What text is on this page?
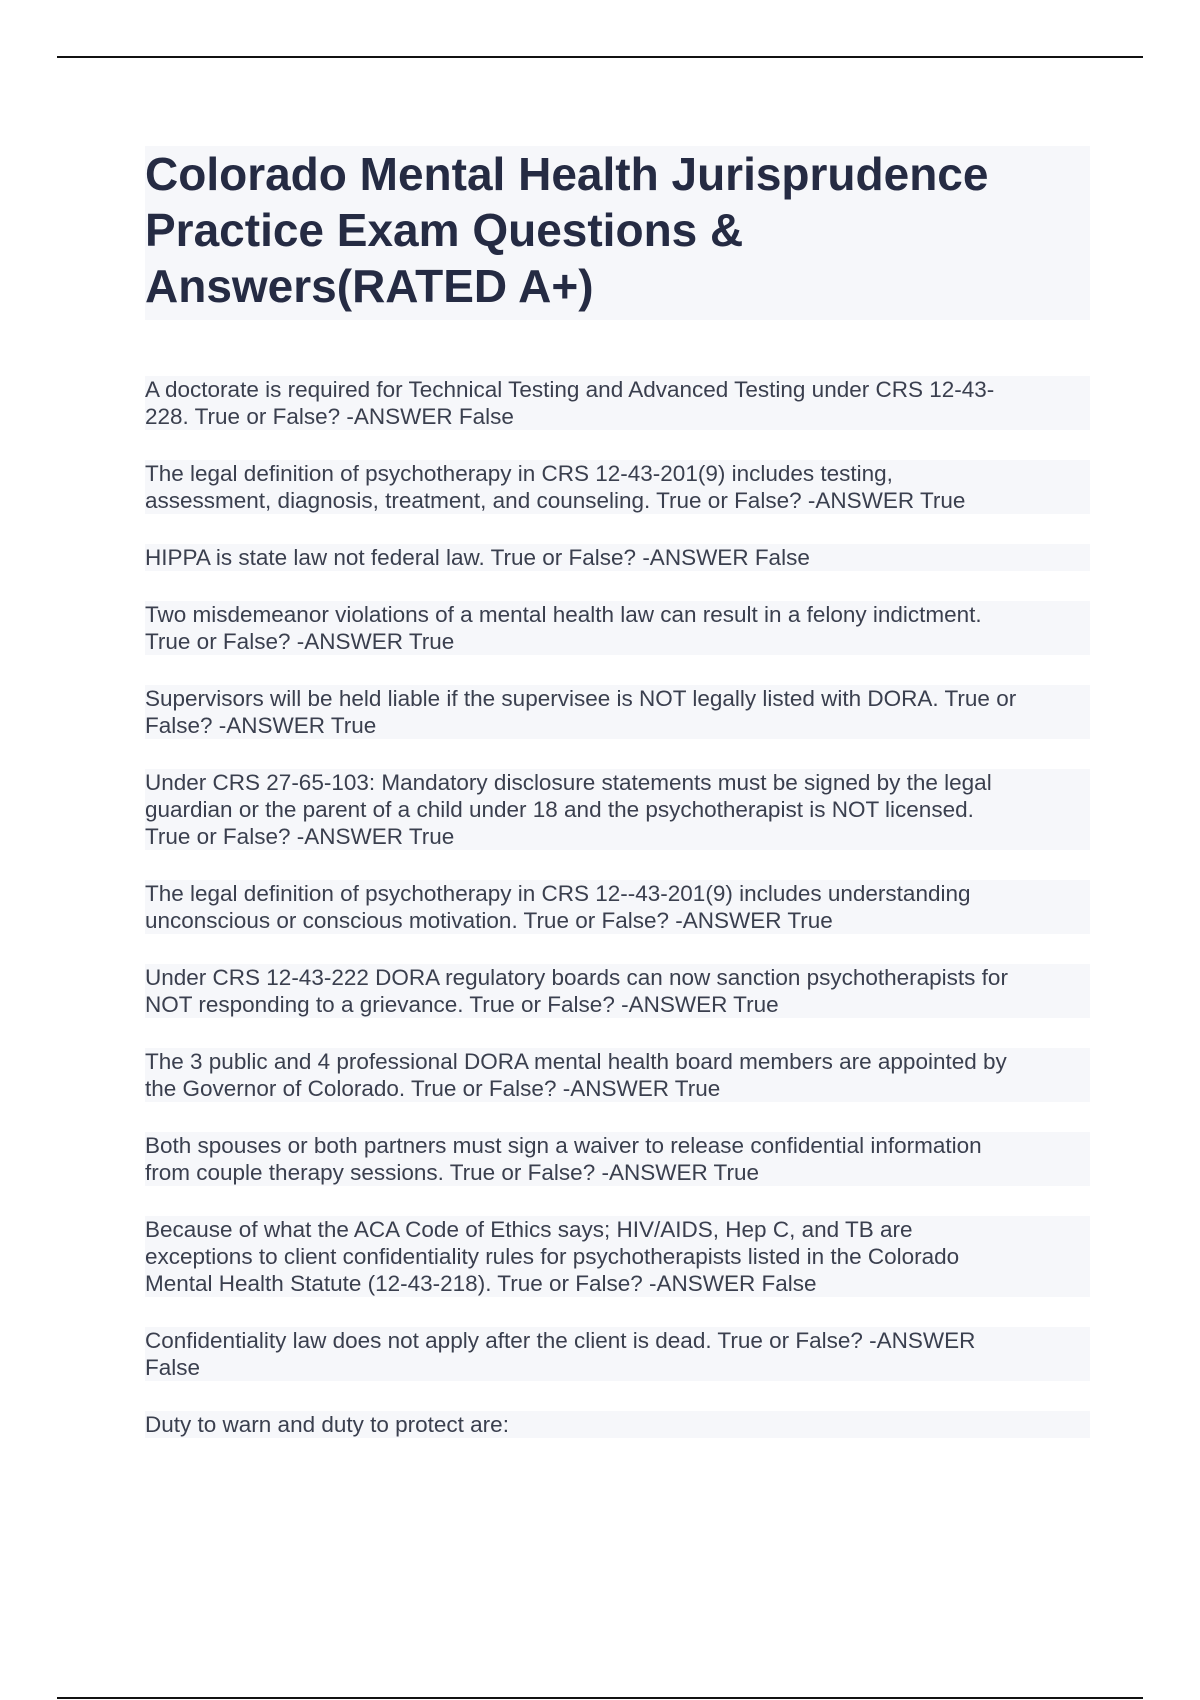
Colorado Mental Health Jurisprudence
Practice Exam Questions &
Answers(RATED A+)

A doctorate is required for Technical Testing and Advanced Testing under CRS 12-43-
228. True or False? -ANSWER False

The legal definition of psychotherapy in CRS 12-43-201(9) includes testing,
assessment, diagnosis, treatment, and counseling. True or False? -ANSWER True

HIPPA is state law not federal law. True or False? -ANSWER False

Two misdemeanor violations of a mental health law can result in a felony indictment.
True or False? -ANSWER True

Supervisors will be held liable if the supervisee is NOT legally listed with DORA. True or
False? -ANSWER True

Under CRS 27-65-103: Mandatory disclosure statements must be signed by the legal
guardian or the parent of a child under 18 and the psychotherapist is NOT licensed.
True or False? -ANSWER True

The legal definition of psychotherapy in CRS 12--43-201(9) includes understanding
unconscious or conscious motivation. True or False? -ANSWER True

Under CRS 12-43-222 DORA regulatory boards can now sanction psychotherapists for
NOT responding to a grievance. True or False? -ANSWER True

The 3 public and 4 professional DORA mental health board members are appointed by
the Governor of Colorado. True or False? -ANSWER True

Both spouses or both partners must sign a waiver to release confidential information
from couple therapy sessions. True or False? -ANSWER True

Because of what the ACA Code of Ethics says; HIV/AIDS, Hep C, and TB are
exceptions to client confidentiality rules for psychotherapists listed in the Colorado
Mental Health Statute (12-43-218). True or False? -ANSWER False

Confidentiality law does not apply after the client is dead. True or False? -ANSWER
False

Duty to warn and duty to protect are:
